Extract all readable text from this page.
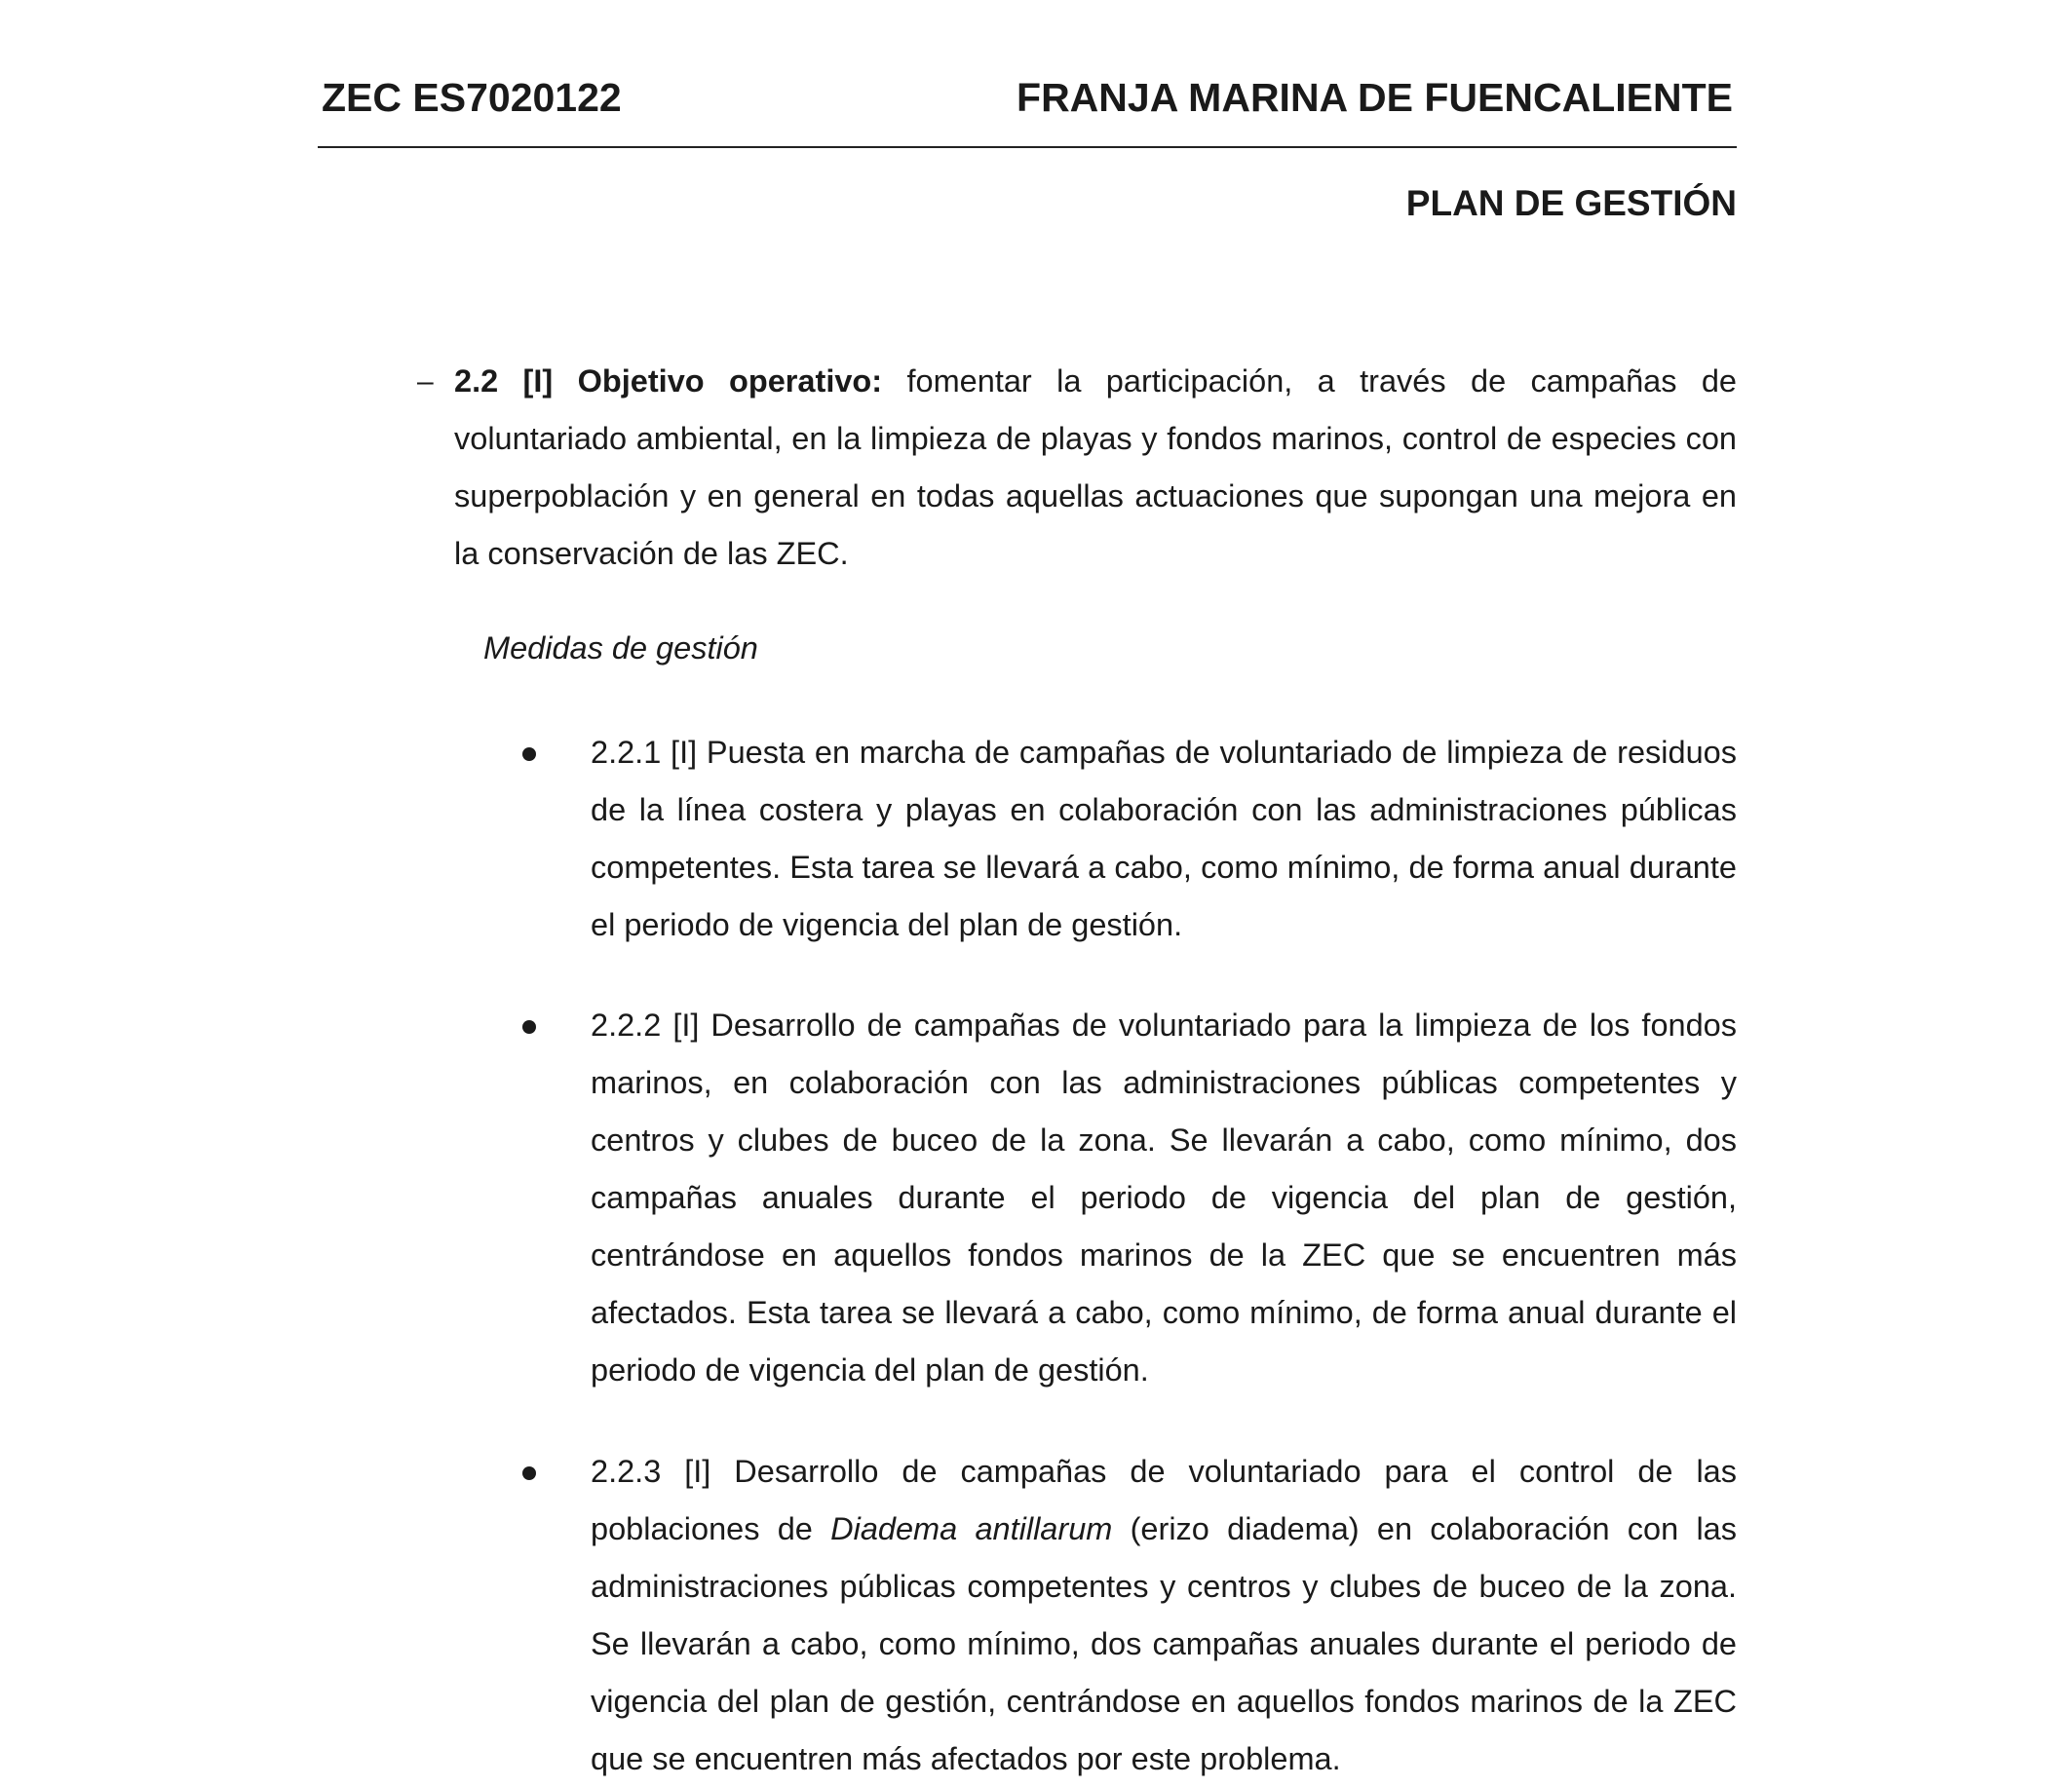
ZEC ES7020122	FRANJA MARINA DE FUENCALIENTE
PLAN DE GESTIÓN
– 2.2 [I] Objetivo operativo: fomentar la participación, a través de campañas de voluntariado ambiental, en la limpieza de playas y fondos marinos, control de especies con superpoblación y en general en todas aquellas actuaciones que supongan una mejora en la conservación de las ZEC.
Medidas de gestión
2.2.1 [I] Puesta en marcha de campañas de voluntariado de limpieza de residuos de la línea costera y playas en colaboración con las administraciones públicas competentes. Esta tarea se llevará a cabo, como mínimo, de forma anual durante el periodo de vigencia del plan de gestión.
2.2.2 [I] Desarrollo de campañas de voluntariado para la limpieza de los fondos marinos, en colaboración con las administraciones públicas competentes y centros y clubes de buceo de la zona. Se llevarán a cabo, como mínimo, dos campañas anuales durante el periodo de vigencia del plan de gestión, centrándose en aquellos fondos marinos de la ZEC que se encuentren más afectados. Esta tarea se llevará a cabo, como mínimo, de forma anual durante el periodo de vigencia del plan de gestión.
2.2.3 [I] Desarrollo de campañas de voluntariado para el control de las poblaciones de Diadema antillarum (erizo diadema) en colaboración con las administraciones públicas competentes y centros y clubes de buceo de la zona. Se llevarán a cabo, como mínimo, dos campañas anuales durante el periodo de vigencia del plan de gestión, centrándose en aquellos fondos marinos de la ZEC que se encuentren más afectados por este problema.
